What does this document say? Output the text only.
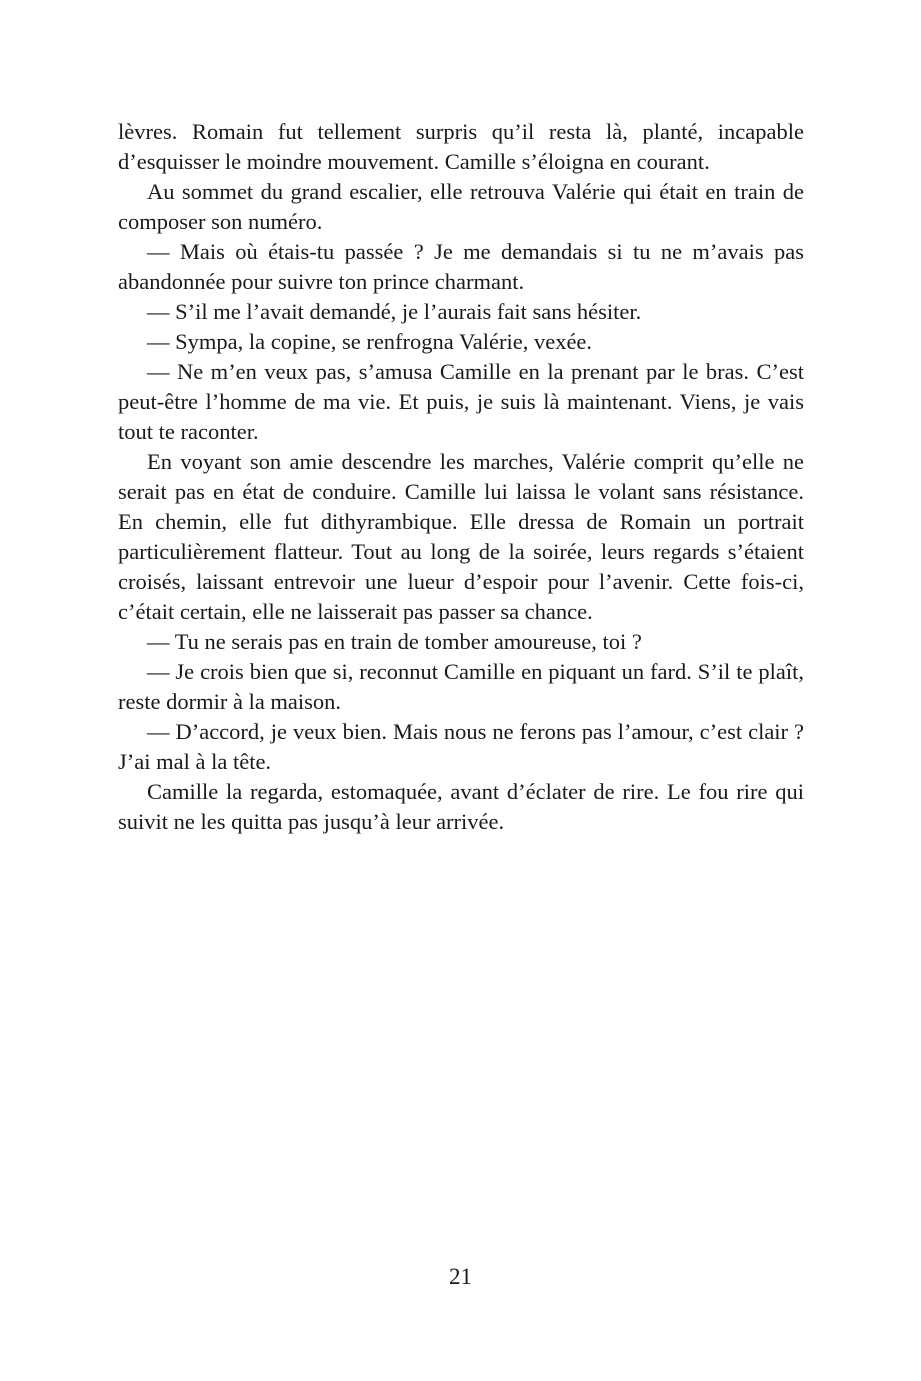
lèvres. Romain fut tellement surpris qu’il resta là, planté, incapable d’esquisser le moindre mouvement. Camille s’éloigna en courant.

Au sommet du grand escalier, elle retrouva Valérie qui était en train de composer son numéro.

— Mais où étais-tu passée ? Je me demandais si tu ne m’avais pas abandonnée pour suivre ton prince charmant.

— S’il me l’avait demandé, je l’aurais fait sans hésiter.

— Sympa, la copine, se renfrogna Valérie, vexée.

— Ne m’en veux pas, s’amusa Camille en la prenant par le bras. C’est peut-être l’homme de ma vie. Et puis, je suis là maintenant. Viens, je vais tout te raconter.

En voyant son amie descendre les marches, Valérie comprit qu’elle ne serait pas en état de conduire. Camille lui laissa le volant sans résistance. En chemin, elle fut dithyrambique. Elle dressa de Romain un portrait particulièrement flatteur. Tout au long de la soirée, leurs regards s’étaient croisés, laissant entrevoir une lueur d’espoir pour l’avenir. Cette fois-ci, c’était certain, elle ne laisserait pas passer sa chance.

— Tu ne serais pas en train de tomber amoureuse, toi ?

— Je crois bien que si, reconnut Camille en piquant un fard. S’il te plaît, reste dormir à la maison.

— D’accord, je veux bien. Mais nous ne ferons pas l’amour, c’est clair ? J’ai mal à la tête.

Camille la regarda, estomaquée, avant d’éclater de rire. Le fou rire qui suivit ne les quitta pas jusqu’à leur arrivée.

21
